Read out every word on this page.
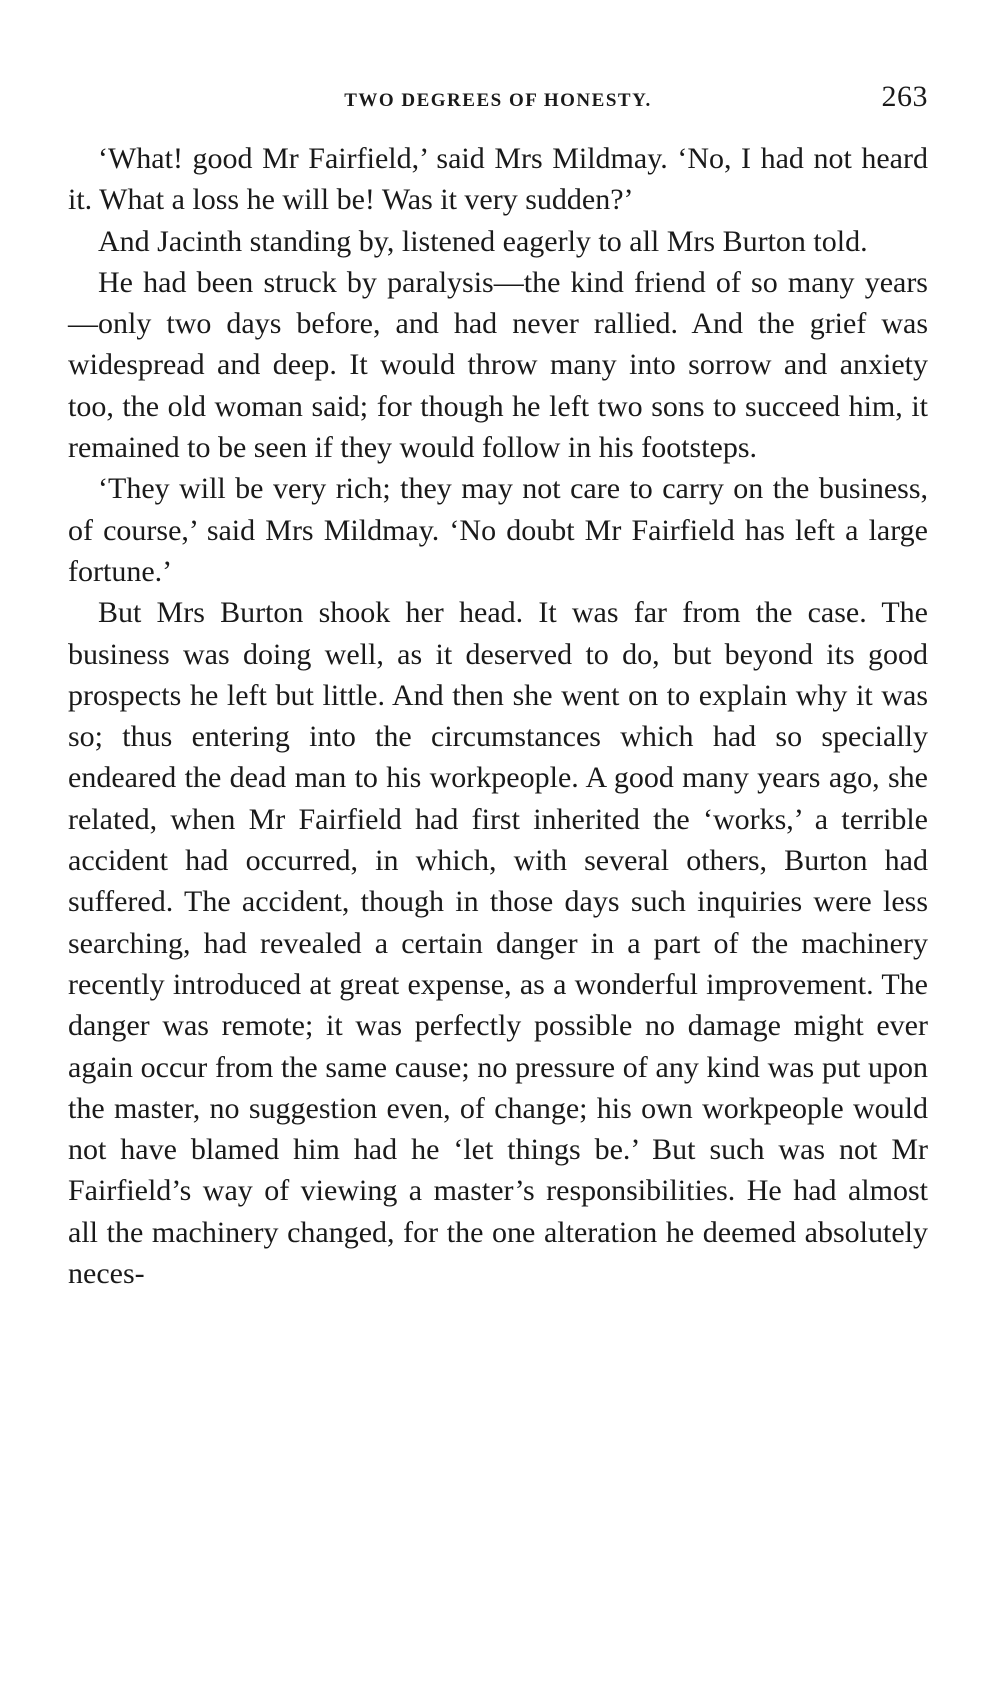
TWO DEGREES OF HONESTY.	263

‘What! good Mr Fairfield,’ said Mrs Mildmay. ‘No, I had not heard it. What a loss he will be! Was it very sudden?’

And Jacinth standing by, listened eagerly to all Mrs Burton told.

He had been struck by paralysis—the kind friend of so many years—only two days before, and had never rallied. And the grief was widespread and deep. It would throw many into sorrow and anxiety too, the old woman said; for though he left two sons to succeed him, it remained to be seen if they would follow in his footsteps.

‘They will be very rich; they may not care to carry on the business, of course,’ said Mrs Mildmay. ‘No doubt Mr Fairfield has left a large fortune.’

But Mrs Burton shook her head. It was far from the case. The business was doing well, as it deserved to do, but beyond its good prospects he left but little. And then she went on to explain why it was so; thus entering into the circumstances which had so specially endeared the dead man to his workpeople. A good many years ago, she related, when Mr Fairfield had first inherited the ‘works,’ a terrible accident had occurred, in which, with several others, Burton had suffered. The accident, though in those days such inquiries were less searching, had revealed a certain danger in a part of the machinery recently introduced at great expense, as a wonderful improvement. The danger was remote; it was perfectly possible no damage might ever again occur from the same cause; no pressure of any kind was put upon the master, no suggestion even, of change; his own workpeople would not have blamed him had he ‘let things be.’ But such was not Mr Fairfield’s way of viewing a master’s responsibilities. He had almost all the machinery changed, for the one alteration he deemed absolutely neces-
